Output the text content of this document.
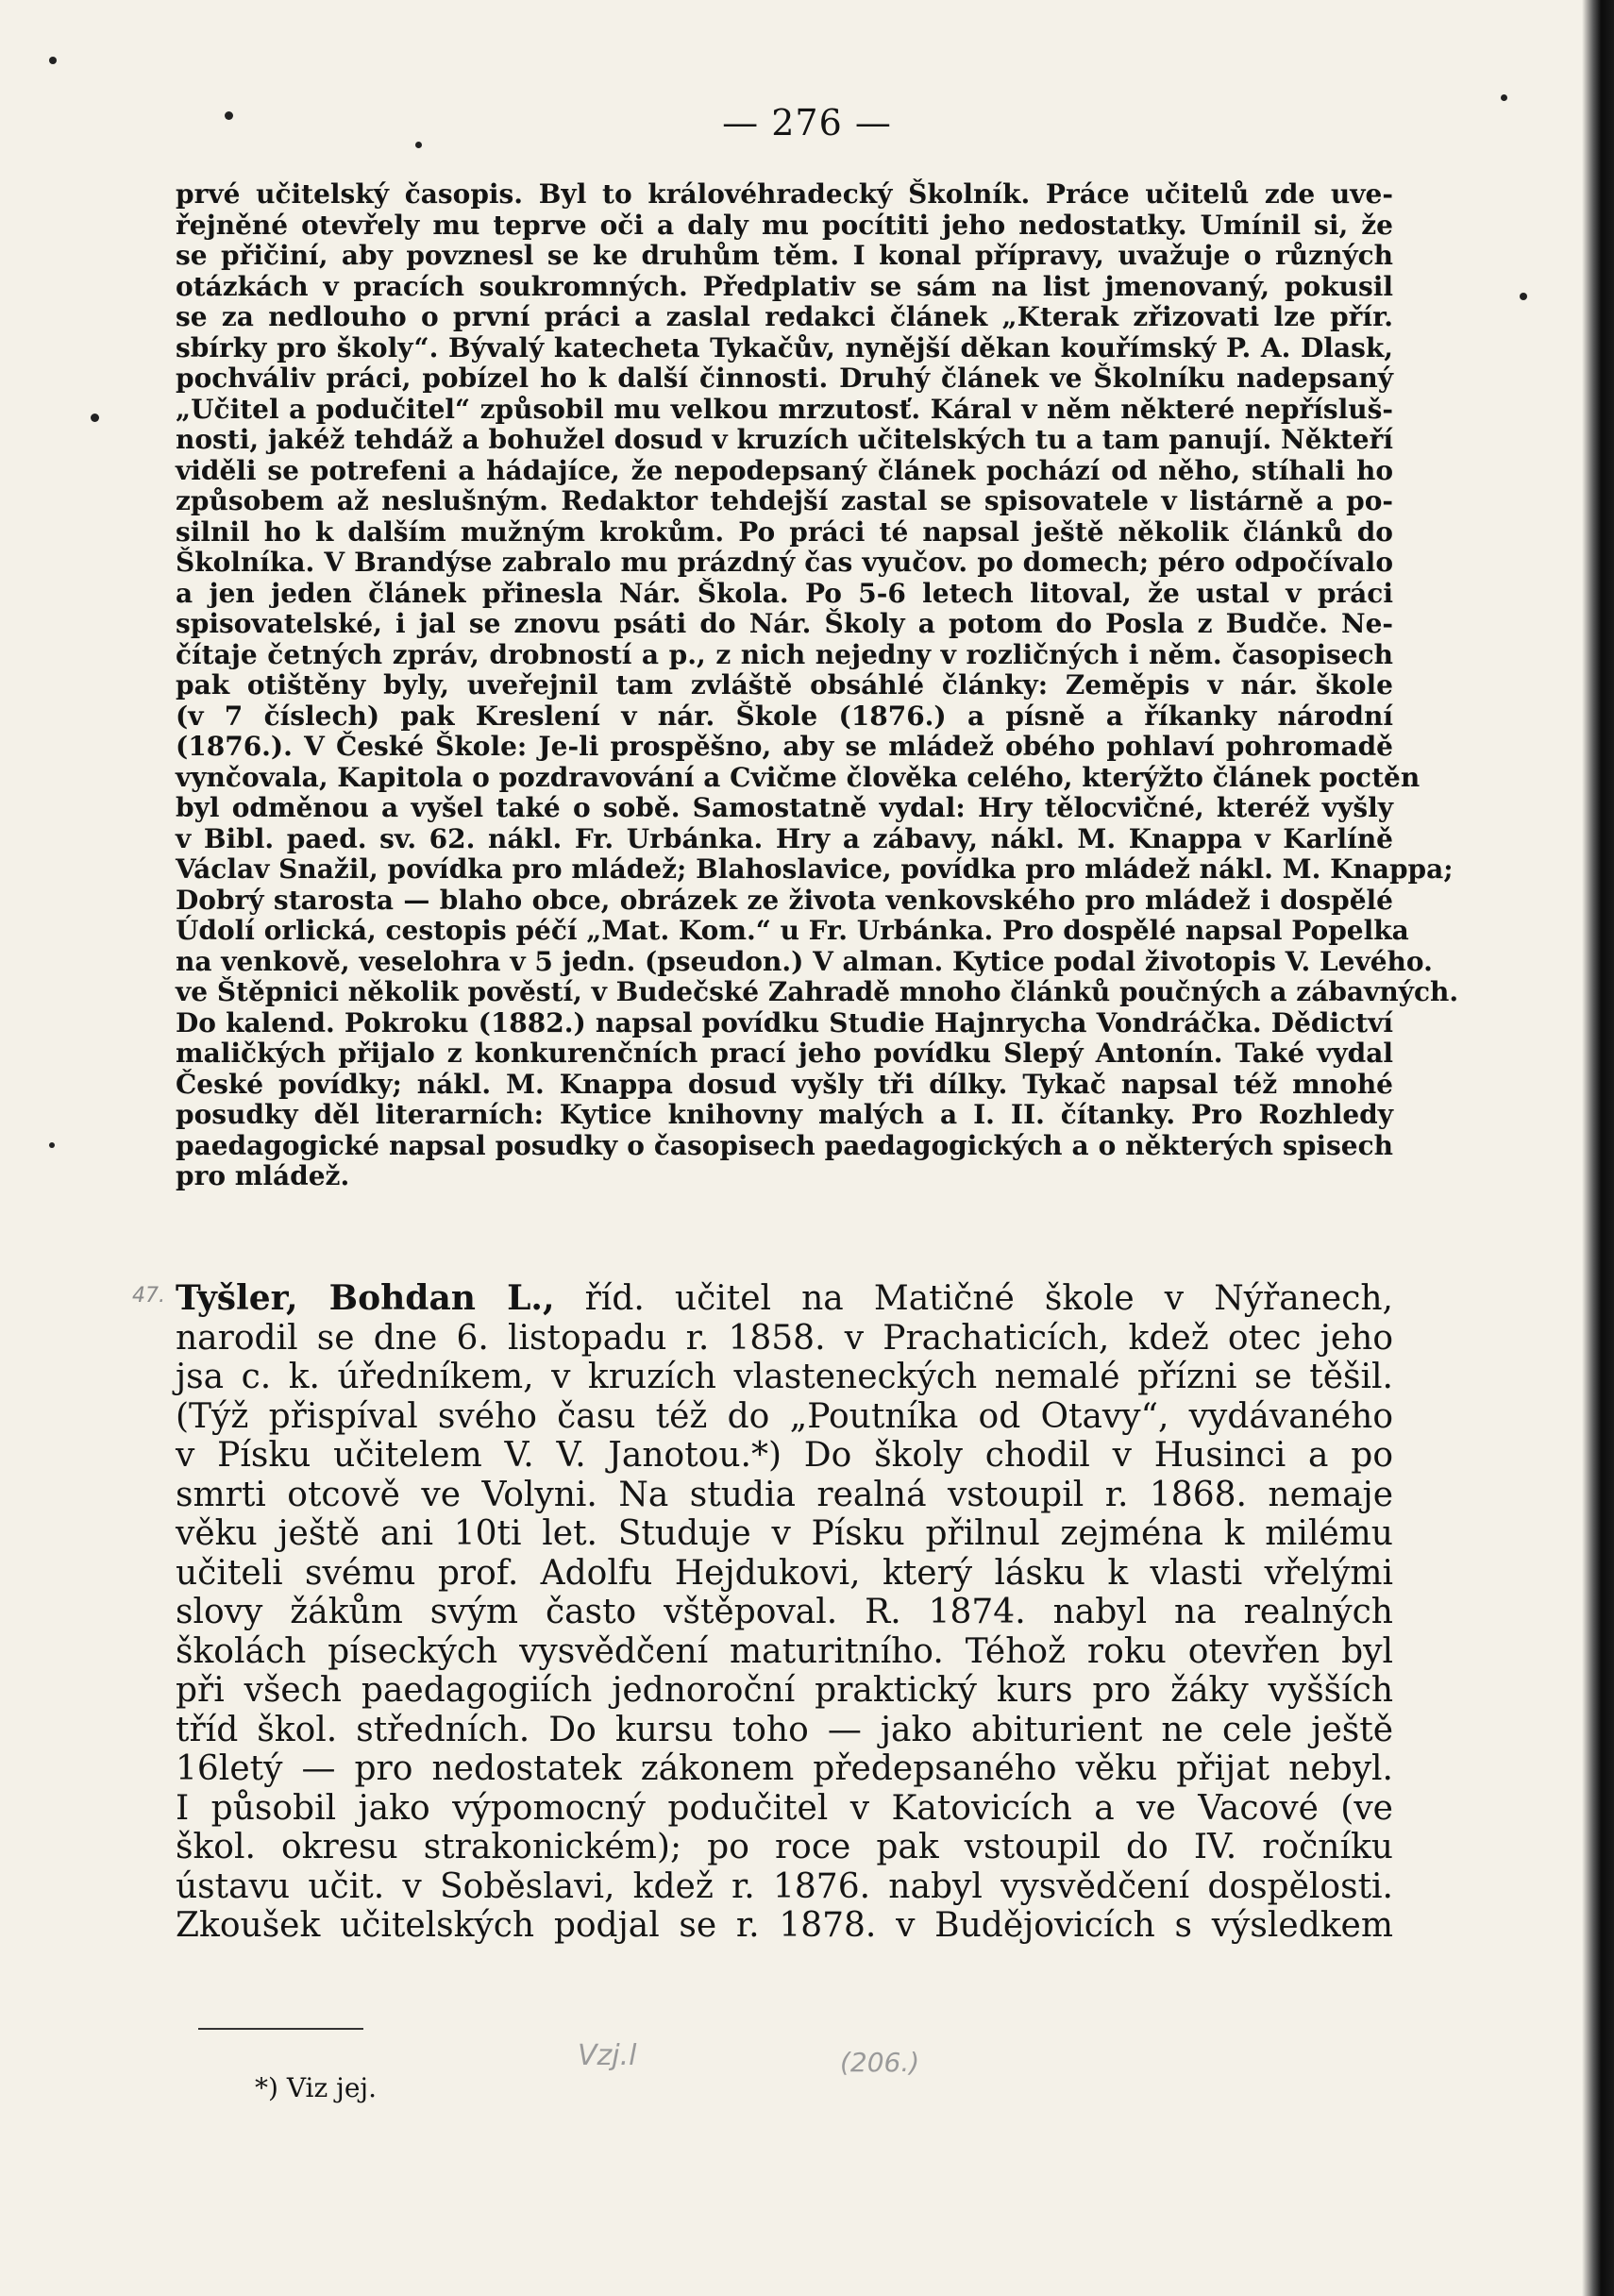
— 276 —
prvé učitelský časopis. Byl to královéhradecký Školník. Práce učitelů zde uve-
řejněné otevřely mu teprve oči a daly mu pocítiti jeho nedostatky. Umínil si, že
se přičiní, aby povznesl se ke druhům těm. I konal přípravy, uvažuje o různých
otázkách v pracích soukromných. Předplativ se sám na list jmenovaný, pokusil
se za nedlouho o první práci a zaslal redakci článek „Kterak zřizovati lze přír.
sbírky pro školy“. Bývalý katecheta Tykačův, nynější děkan kouřímský P. A. Dlask,
pochváliv práci, pobízel ho k další činnosti. Druhý článek ve Školníku nadepsaný
„Učitel a podučitel“ způsobil mu velkou mrzutosť. Káral v něm některé nepřísluš-
nosti, jakéž tehdáž a bohužel dosud v kruzích učitelských tu a tam panují. Někteří
viděli se potrefeni a hádajíce, že nepodepsaný článek pochází od něho, stíhali ho
způsobem až neslušným. Redaktor tehdejší zastal se spisovatele v listárně a po-
silnil ho k dalším mužným krokům. Po práci té napsal ještě několik článků do
Školníka. V Brandýse zabralo mu prázdný čas vyučov. po domech; péro odpočívalo
a jen jeden článek přinesla Nár. Škola. Po 5-6 letech litoval, že ustal v práci
spisovatelské, i jal se znovu psáti do Nár. Školy a potom do Posla z Budče. Ne-
čítaje četných zpráv, drobností a p., z nich nejedny v rozličných i něm. časopisech
pak otištěny byly, uveřejnil tam zvláště obsáhlé články: Zeměpis v nár. škole
(v 7 číslech) pak Kreslení v nár. Škole (1876.) a písně a říkanky národní
(1876.). V České Škole: Je-li prospěšno, aby se mládež obého pohlaví pohromadě
vynčovala, Kapitola o pozdravování a Cvičme člověka celého, kterýžto článek poctěn
byl odměnou a vyšel také o sobě. Samostatně vydal: Hry tělocvičné, kteréž vyšly
v Bibl. paed. sv. 62. nákl. Fr. Urbánka. Hry a zábavy, nákl. M. Knappa v Karlíně
Václav Snažil, povídka pro mládež; Blahoslavice, povídka pro mládež nákl. M. Knappa;
Dobrý starosta — blaho obce, obrázek ze života venkovského pro mládež i dospělé
Údolí orlická, cestopis péčí „Mat. Kom.“ u Fr. Urbánka. Pro dospělé napsal Popelka
na venkově, veselohra v 5 jedn. (pseudon.) V alman. Kytice podal životopis V. Levého.
ve Štěpnici několik pověstí, v Budečské Zahradě mnoho článků poučných a zábavných.
Do kalend. Pokroku (1882.) napsal povídku Studie Hajnrycha Vondráčka. Dědictví
maličkých přijalo z konkurenčních prací jeho povídku Slepý Antonín. Také vydal
České povídky; nákl. M. Knappa dosud vyšly tři dílky. Tykač napsal též mnohé
posudky děl literarních: Kytice knihovny malých a I. II. čítanky. Pro Rozhledy
paedagogické napsal posudky o časopisech paedagogických a o některých spisech
pro mládež.
47. Tyšler, Bohdan L., říd. učitel na Matičné škole v Nýřanech,
narodil se dne 6. listopadu r. 1858. v Prachaticích, kdež otec jeho
jsa c. k. úředníkem, v kruzích vlasteneckých nemalé přízni se těšil.
(Týž přispíval svého času též do „Poutníka od Otavy“, vydávaného
v Písku učitelem V. V. Janotou.*) Do školy chodil v Husinci a po
smrti otcově ve Volyni. Na studia realná vstoupil r. 1868. nemaje
věku ještě ani 10ti let. Studuje v Písku přilnul zejména k milému
učiteli svému prof. Adolfu Hejdukovi, který lásku k vlasti vřelými
slovy žákům svým často vštěpoval. R. 1874. nabyl na realných
školách píseckých vysvědčení maturitního. Téhož roku otevřen byl
při všech paedagogiích jednoroční praktický kurs pro žáky vyšších
tříd škol. středních. Do kursu toho — jako abiturient ne cele ještě
16letý — pro nedostatek zákonem předepsaného věku přijat nebyl.
I působil jako výpomocný podučitel v Katovicích a ve Vacové (ve
škol. okresu strakonickém); po roce pak vstoupil do IV. ročníku
ústavu učit. v Soběslavi, kdež r. 1876. nabyl vysvědčení dospělosti.
Zkoušek učitelských podjal se r. 1878. v Budějovicích s výsledkem
*) Viz jej.
Vzj.l	(206.)
